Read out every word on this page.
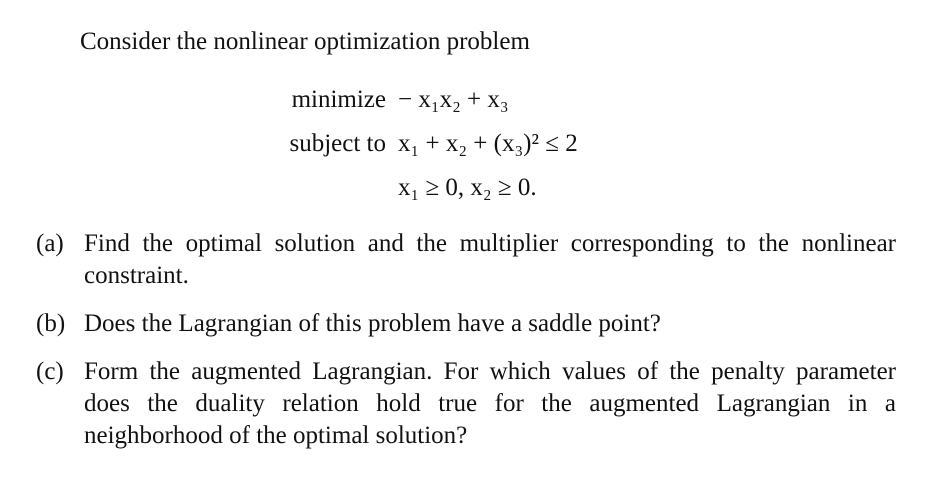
Consider the nonlinear optimization problem
minimize − x₁x₂ + x₃
subject to x₁ + x₂ + (x₃)² ≤ 2
x₁ ≥ 0, x₂ ≥ 0.
(a) Find the optimal solution and the multiplier corresponding to the nonlinear constraint.
(b) Does the Lagrangian of this problem have a saddle point?
(c) Form the augmented Lagrangian. For which values of the penalty parameter does the duality relation hold true for the augmented Lagrangian in a neighborhood of the optimal solution?
